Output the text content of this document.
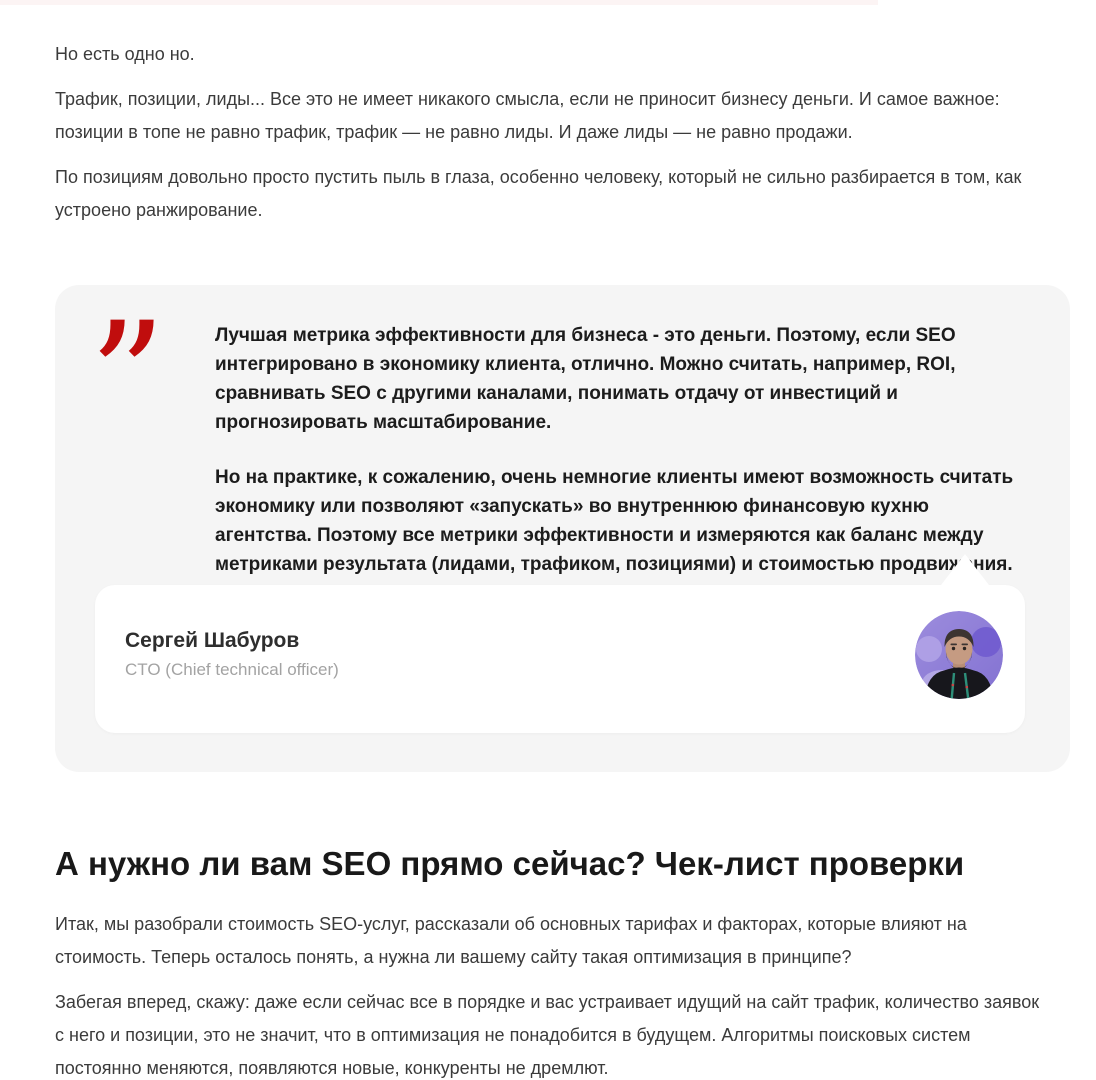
Но есть одно но.

Трафик, позиции, лиды... Все это не имеет никакого смысла, если не приносит бизнесу деньги. И самое важное: позиции в топе не равно трафик, трафик — не равно лиды. И даже лиды — не равно продажи.

По позициям довольно просто пустить пыль в глаза, особенно человеку, который не сильно разбирается в том, как устроено ранжирование.

”	Лучшая метрика эффективности для бизнеса - это деньги. Поэтому, если SEO интегрировано в экономику клиента, отлично. Можно считать, например, ROI, сравнивать SEO с другими каналами, понимать отдачу от инвестиций и прогнозировать масштабирование.

Но на практике, к сожалению, очень немногие клиенты имеют возможность считать экономику или позволяют «запускать» во внутреннюю финансовую кухню агентства. Поэтому все метрики эффективности и измеряются как баланс между метриками результата (лидами, трафиком, позициями) и стоимостью продвижения.

Сергей Шабуров
CTO (Chief technical officer)
А нужно ли вам SEO прямо сейчас? Чек-лист проверки

Итак, мы разобрали стоимость SEO-услуг, рассказали об основных тарифах и факторах, которые влияют на стоимость. Теперь осталось понять, а нужна ли вашему сайту такая оптимизация в принципе?

Забегая вперед, скажу: даже если сейчас все в порядке и вас устраивает идущий на сайт трафик, количество заявок с него и позиции, это не значит, что в оптимизация не понадобится в будущем. Алгоритмы поисковых систем постоянно меняются, появляются новые, конкуренты не дремлют.
